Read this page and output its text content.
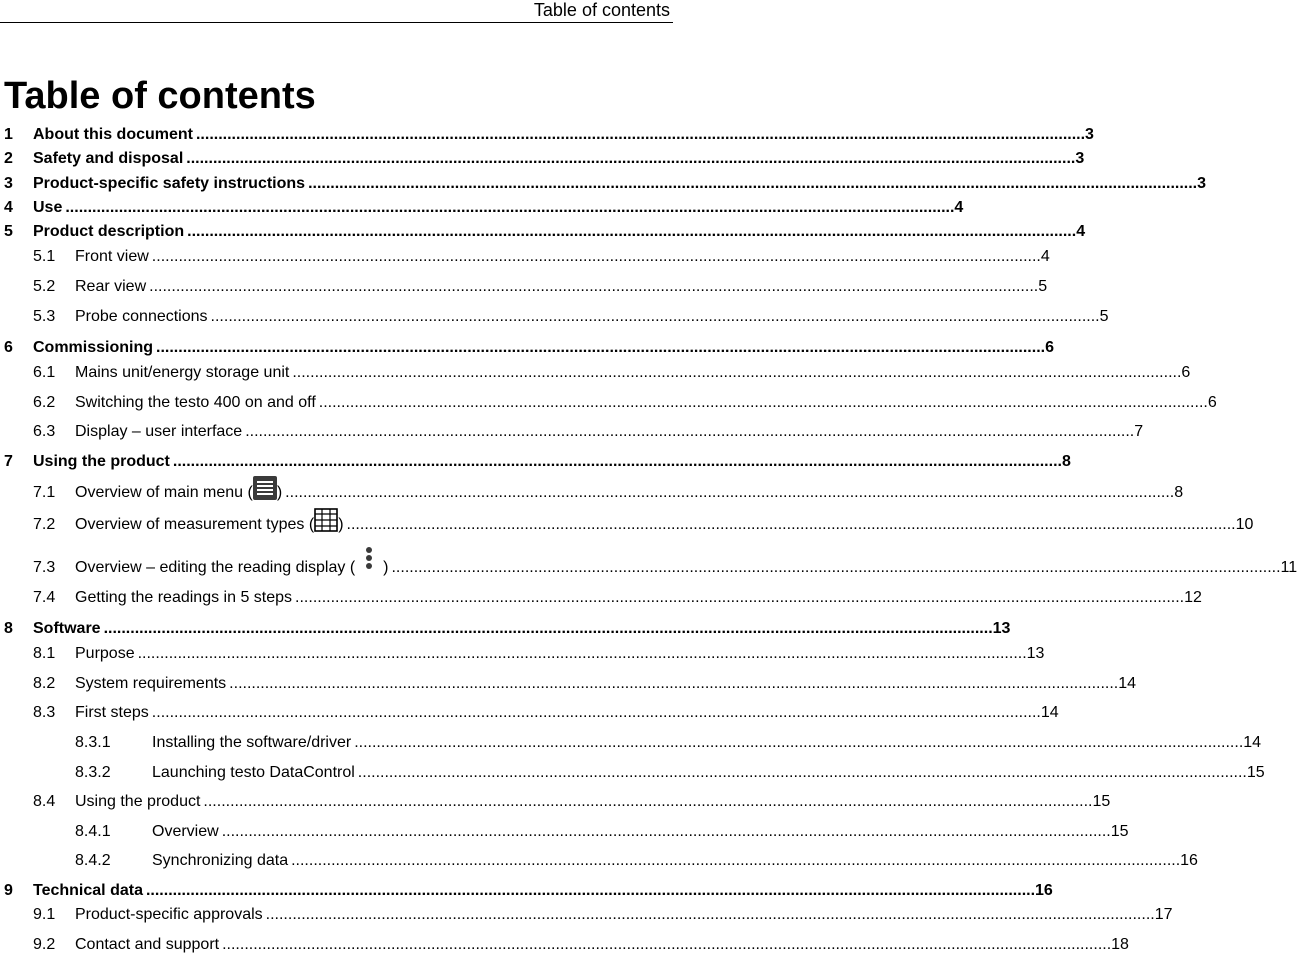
Table of contents
Table of contents
1 About this document ........................................................................................................................................................................................................ 3
2 Safety and disposal ........................................................................................................................................................................................................ 3
3 Product-specific safety instructions ........................................................................................................................................................................................................ 3
4 Use ........................................................................................................................................................................................................ 4
5 Product description ........................................................................................................................................................................................................ 4
5.1 Front view ........................................................................................................................................................................................................ 4
5.2 Rear view ........................................................................................................................................................................................................ 5
5.3 Probe connections ........................................................................................................................................................................................................ 5
6 Commissioning ........................................................................................................................................................................................................ 6
6.1 Mains unit/energy storage unit ........................................................................................................................................................................................................ 6
6.2 Switching the testo 400 on and off ........................................................................................................................................................................................................ 6
6.3 Display – user interface ........................................................................................................................................................................................................ 7
7 Using the product ........................................................................................................................................................................................................ 8
7.1 Overview of main menu ( ) ........................................................................................................................................................................................................ 8
7.2 Overview of measurement types ( ) ........................................................................................................................................................................................................ 10
7.3 Overview – editing the reading display ( ) ........................................................................................................................................................................................................ 11
7.4 Getting the readings in 5 steps ........................................................................................................................................................................................................ 12
8 Software ........................................................................................................................................................................................................ 13
8.1 Purpose ........................................................................................................................................................................................................ 13
8.2 System requirements ........................................................................................................................................................................................................ 14
8.3 First steps ........................................................................................................................................................................................................ 14
8.3.1	Installing the software/driver ........................................................................................................................................................................................................ 14
8.3.2	Launching testo DataControl ........................................................................................................................................................................................................ 15
8.4 Using the product ........................................................................................................................................................................................................ 15
8.4.1	Overview ........................................................................................................................................................................................................ 15
8.4.2	Synchronizing data ........................................................................................................................................................................................................ 16
9 Technical data ........................................................................................................................................................................................................ 16
9.1 Product-specific approvals ........................................................................................................................................................................................................ 17
9.2 Contact and support ........................................................................................................................................................................................................ 18
